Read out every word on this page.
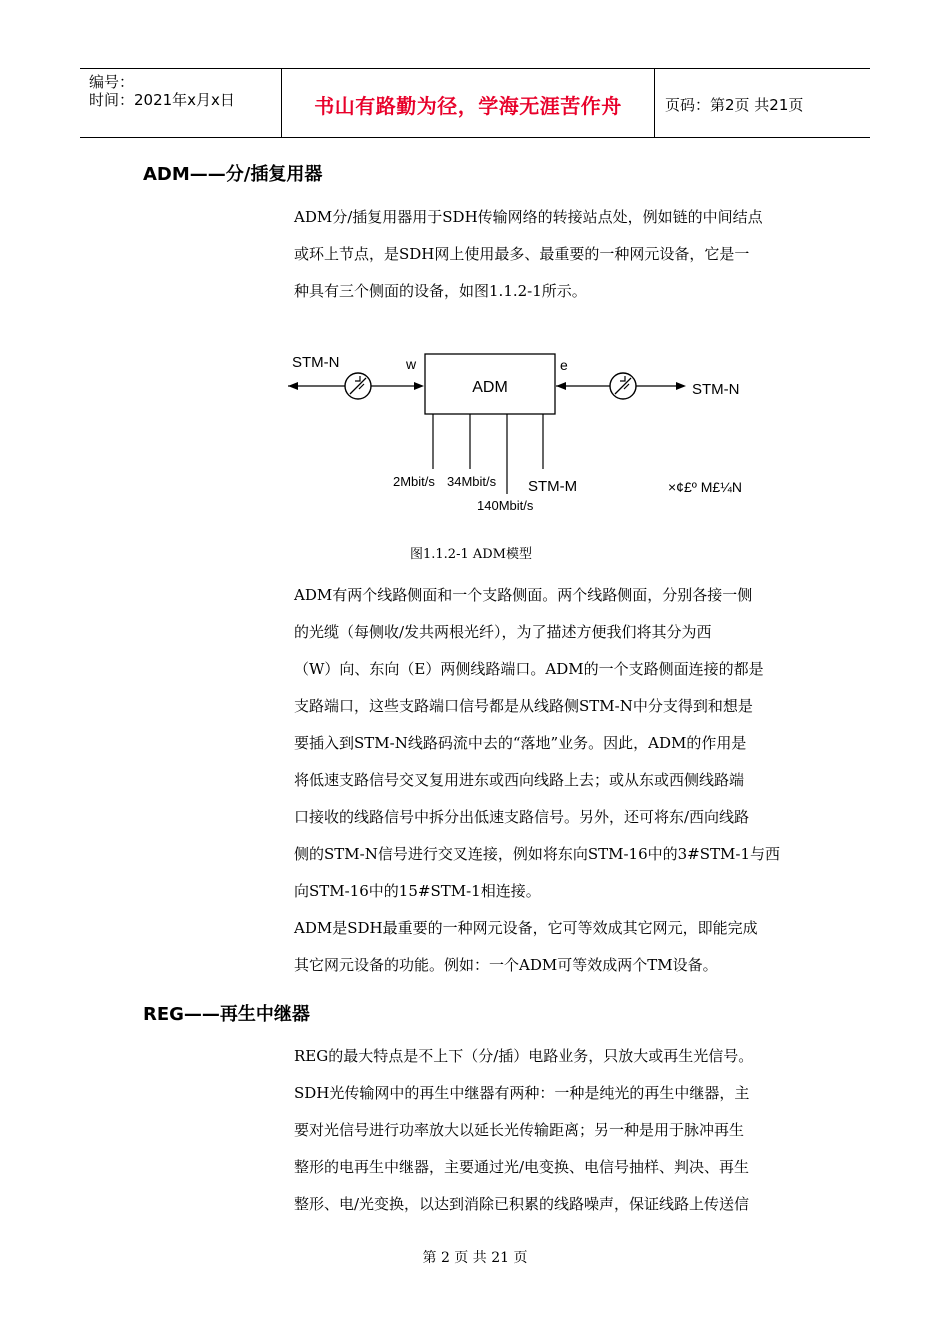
编号：
时间：2021年x月x日	书山有路勤为径，学海无涯苦作舟	页码：第2页 共21页
ADM——分/插复用器

ADM分/插复用器用于SDH传输网络的转接站点处，例如链的中间结点

或环上节点，是SDH网上使用最多、最重要的一种网元设备，它是一

种具有三个侧面的设备，如图1.1.2-1所示。

ADM
STM-N	w	e
STM-N
2Mbit/s 34Mbit/s
140Mbit/s
STM-M	×¢£º M£¼N
图1.1.2-1 ADM模型

ADM有两个线路侧面和一个支路侧面。两个线路侧面，分别各接一侧

的光缆（每侧收/发共两根光纤），为了描述方便我们将其分为西

（W）向、东向（E）两侧线路端口。ADM的一个支路侧面连接的都是

支路端口，这些支路端口信号都是从线路侧STM-N中分支得到和想是

要插入到STM-N线路码流中去的“落地”业务。因此，ADM的作用是

将低速支路信号交叉复用进东或西向线路上去；或从东或西侧线路端

口接收的线路信号中拆分出低速支路信号。另外，还可将东/西向线路

侧的STM-N信号进行交叉连接，例如将东向STM-16中的3#STM-1与西

向STM-16中的15#STM-1相连接。

ADM是SDH最重要的一种网元设备，它可等效成其它网元，即能完成

其它网元设备的功能。例如：一个ADM可等效成两个TM设备。

REG——再生中继器

REG的最大特点是不上下（分/插）电路业务，只放大或再生光信号。

SDH光传输网中的再生中继器有两种：一种是纯光的再生中继器，主

要对光信号进行功率放大以延长光传输距离；另一种是用于脉冲再生

整形的电再生中继器，主要通过光/电变换、电信号抽样、判决、再生

整形、电/光变换，以达到消除已积累的线路噪声，保证线路上传送信

第 2 页 共 21 页
